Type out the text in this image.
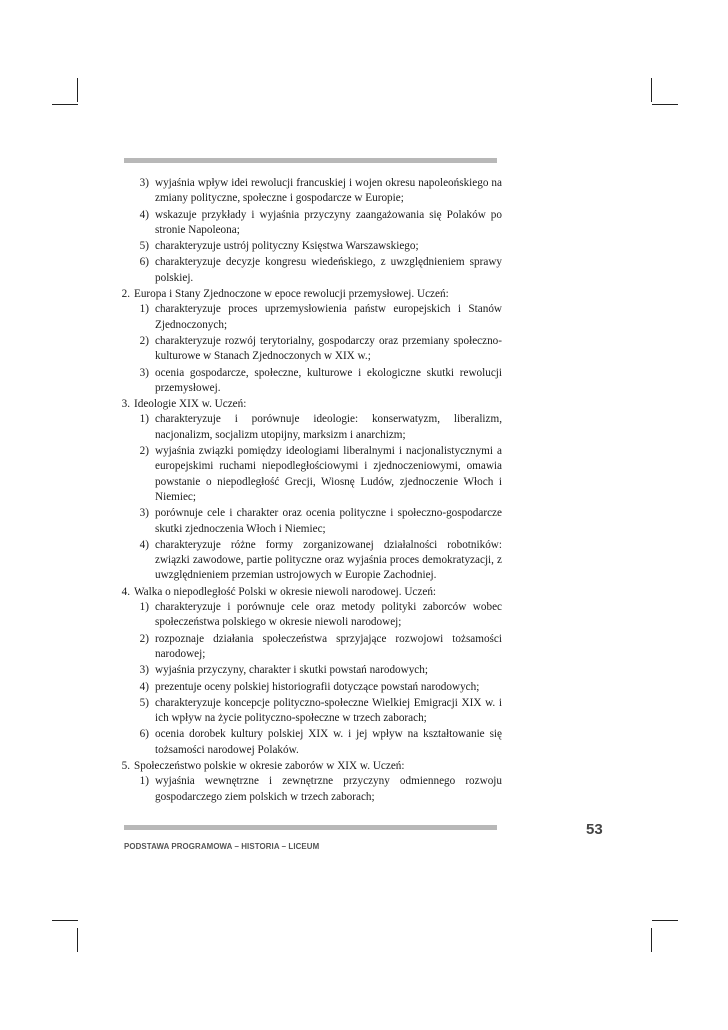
3) wyjaśnia wpływ idei rewolucji francuskiej i wojen okresu napoleońskiego na zmiany polityczne, społeczne i gospodarcze w Europie;
4) wskazuje przykłady i wyjaśnia przyczyny zaangażowania się Polaków po stronie Napoleona;
5) charakteryzuje ustrój polityczny Księstwa Warszawskiego;
6) charakteryzuje decyzje kongresu wiedeńskiego, z uwzględnieniem sprawy polskiej.
2. Europa i Stany Zjednoczone w epoce rewolucji przemysłowej. Uczeń:
1) charakteryzuje proces uprzemysłowienia państw europejskich i Stanów Zjednoczonych;
2) charakteryzuje rozwój terytorialny, gospodarczy oraz przemiany społeczno-kulturowe w Stanach Zjednoczonych w XIX w.;
3) ocenia gospodarcze, społeczne, kulturowe i ekologiczne skutki rewolucji przemysłowej.
3. Ideologie XIX w. Uczeń:
1) charakteryzuje i porównuje ideologie: konserwatyzm, liberalizm, nacjonalizm, socjalizm utopijny, marksizm i anarchizm;
2) wyjaśnia związki pomiędzy ideologiami liberalnymi i nacjonalistycznymi a europejskimi ruchami niepodległościowymi i zjednoczeniowymi, omawia powstanie o niepodległość Grecji, Wiosnę Ludów, zjednoczenie Włoch i Niemiec;
3) porównuje cele i charakter oraz ocenia polityczne i społeczno-gospodarcze skutki zjednoczenia Włoch i Niemiec;
4) charakteryzuje różne formy zorganizowanej działalności robotników: związki zawodowe, partie polityczne oraz wyjaśnia proces demokratyzacji, z uwzględnieniem przemian ustrojowych w Europie Zachodniej.
4. Walka o niepodległość Polski w okresie niewoli narodowej. Uczeń:
1) charakteryzuje i porównuje cele oraz metody polityki zaborców wobec społeczeństwa polskiego w okresie niewoli narodowej;
2) rozpoznaje działania społeczeństwa sprzyjające rozwojowi tożsamości narodowej;
3) wyjaśnia przyczyny, charakter i skutki powstań narodowych;
4) prezentuje oceny polskiej historiografii dotyczące powstań narodowych;
5) charakteryzuje koncepcje polityczno-społeczne Wielkiej Emigracji XIX w. i ich wpływ na życie polityczno-społeczne w trzech zaborach;
6) ocenia dorobek kultury polskiej XIX w. i jej wpływ na kształtowanie się tożsamości narodowej Polaków.
5. Społeczeństwo polskie w okresie zaborów w XIX w. Uczeń:
1) wyjaśnia wewnętrzne i zewnętrzne przyczyny odmiennego rozwoju gospodarczego ziem polskich w trzech zaborach;
53
PODSTAWA PROGRAMOWA – HISTORIA – LICEUM
